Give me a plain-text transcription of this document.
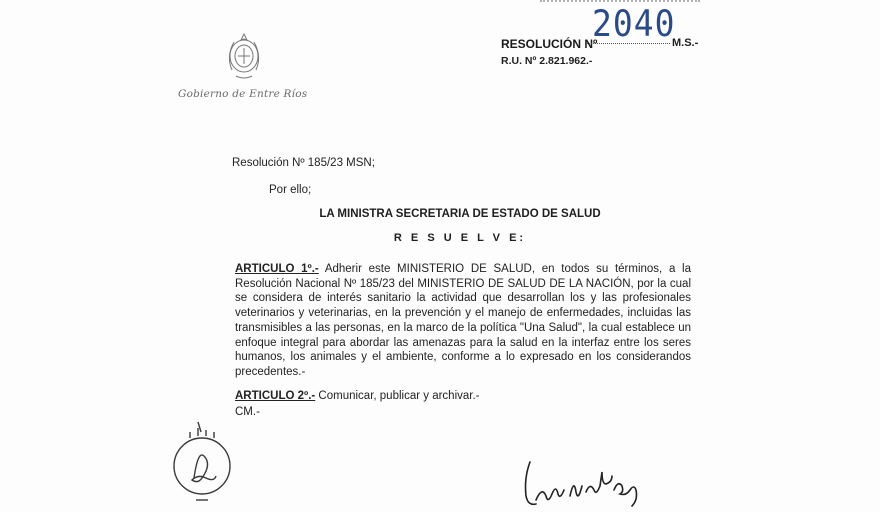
Gobierno de Entre Ríos
RESOLUCIÓN Nº
2040
M.S.-
R.U. Nº 2.821.962.-
Resolución Nº 185/23 MSN;
Por ello;
LA MINISTRA SECRETARIA DE ESTADO DE SALUD
R E S U E L V E:
ARTICULO 1º.- Adherir este MINISTERIO DE SALUD, en todos su términos, a la Resolución Nacional Nº 185/23 del MINISTERIO DE SALUD DE LA NACIÓN, por la cual se considera de interés sanitario la actividad que desarrollan los y las profesionales veterinarios y veterinarias, en la prevención y el manejo de enfermedades, incluidas las transmisibles a las personas, en la marco de la política "Una Salud", la cual establece un enfoque integral para abordar las amenazas para la salud en la interfaz entre los seres humanos, los animales y el ambiente, conforme a lo expresado en los considerandos precedentes.-
ARTICULO 2º.- Comunicar, publicar y archivar.-
CM.-
